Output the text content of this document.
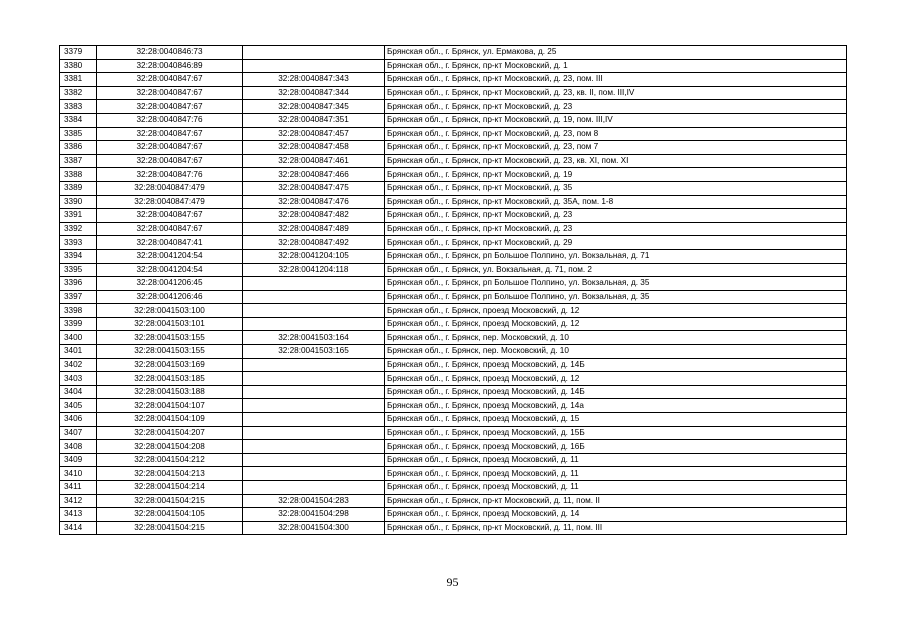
3379	32:28:0040846:73		Брянская обл., г. Брянск, ул. Ермакова, д. 25
3380	32:28:0040846:89		Брянская обл., г. Брянск, пр-кт Московский, д. 1
3381	32:28:0040847:67	32:28:0040847:343	Брянская обл., г. Брянск, пр-кт Московский, д. 23, пом. III
3382	32:28:0040847:67	32:28:0040847:344	Брянская обл., г. Брянск, пр-кт Московский, д. 23, кв. II, пом. III,IV
3383	32:28:0040847:67	32:28:0040847:345	Брянская обл., г. Брянск, пр-кт Московский, д. 23
3384	32:28:0040847:76	32:28:0040847:351	Брянская обл., г. Брянск, пр-кт Московский, д. 19, пом. III,IV
3385	32:28:0040847:67	32:28:0040847:457	Брянская обл., г. Брянск, пр-кт Московский, д. 23, пом 8
3386	32:28:0040847:67	32:28:0040847:458	Брянская обл., г. Брянск, пр-кт Московский, д. 23, пом 7
3387	32:28:0040847:67	32:28:0040847:461	Брянская обл., г. Брянск, пр-кт Московский, д. 23, кв. XI, пом. XI
3388	32:28:0040847:76	32:28:0040847:466	Брянская обл., г. Брянск, пр-кт Московский, д. 19
3389	32:28:0040847:479	32:28:0040847:475	Брянская обл., г. Брянск, пр-кт Московский, д. 35
3390	32:28:0040847:479	32:28:0040847:476	Брянская обл., г. Брянск, пр-кт Московский, д. 35А, пом. 1-8
3391	32:28:0040847:67	32:28:0040847:482	Брянская обл., г. Брянск, пр-кт Московский, д. 23
3392	32:28:0040847:67	32:28:0040847:489	Брянская обл., г. Брянск, пр-кт Московский, д. 23
3393	32:28:0040847:41	32:28:0040847:492	Брянская обл., г. Брянск, пр-кт Московский, д. 29
3394	32:28:0041204:54	32:28:0041204:105	Брянская обл., г. Брянск, рп Большое Полпино, ул. Вокзальная, д. 71
3395	32:28:0041204:54	32:28:0041204:118	Брянская обл., г. Брянск, ул. Вокзальная, д. 71, пом. 2
3396	32:28:0041206:45		Брянская обл., г. Брянск, рп Большое Полпино, ул. Вокзальная, д. 35
3397	32:28:0041206:46		Брянская обл., г. Брянск, рп Большое Полпино, ул. Вокзальная, д. 35
3398	32:28:0041503:100		Брянская обл., г. Брянск, проезд Московский, д. 12
3399	32:28:0041503:101		Брянская обл., г. Брянск, проезд Московский, д. 12
3400	32:28:0041503:155	32:28:0041503:164	Брянская обл., г. Брянск, пер. Московский, д. 10
3401	32:28:0041503:155	32:28:0041503:165	Брянская обл., г. Брянск, пер. Московский, д. 10
3402	32:28:0041503:169		Брянская обл., г. Брянск, проезд Московский, д. 14Б
3403	32:28:0041503:185		Брянская обл., г. Брянск, проезд Московский, д. 12
3404	32:28:0041503:188		Брянская обл., г. Брянск, проезд Московский, д. 14Б
3405	32:28:0041504:107		Брянская обл., г. Брянск, проезд Московский, д. 14а
3406	32:28:0041504:109		Брянская обл., г. Брянск, проезд Московский, д. 15
3407	32:28:0041504:207		Брянская обл., г. Брянск, проезд Московский, д. 15Б
3408	32:28:0041504:208		Брянская обл., г. Брянск, проезд Московский, д. 16Б
3409	32:28:0041504:212		Брянская обл., г. Брянск, проезд Московский, д. 11
3410	32:28:0041504:213		Брянская обл., г. Брянск, проезд Московский, д. 11
3411	32:28:0041504:214		Брянская обл., г. Брянск, проезд Московский, д. 11
3412	32:28:0041504:215	32:28:0041504:283	Брянская обл., г. Брянск, пр-кт Московский, д. 11, пом. II
3413	32:28:0041504:105	32:28:0041504:298	Брянская обл., г. Брянск, проезд Московский, д. 14
3414	32:28:0041504:215	32:28:0041504:300	Брянская обл., г. Брянск, пр-кт Московский, д. 11, пом. III
95
